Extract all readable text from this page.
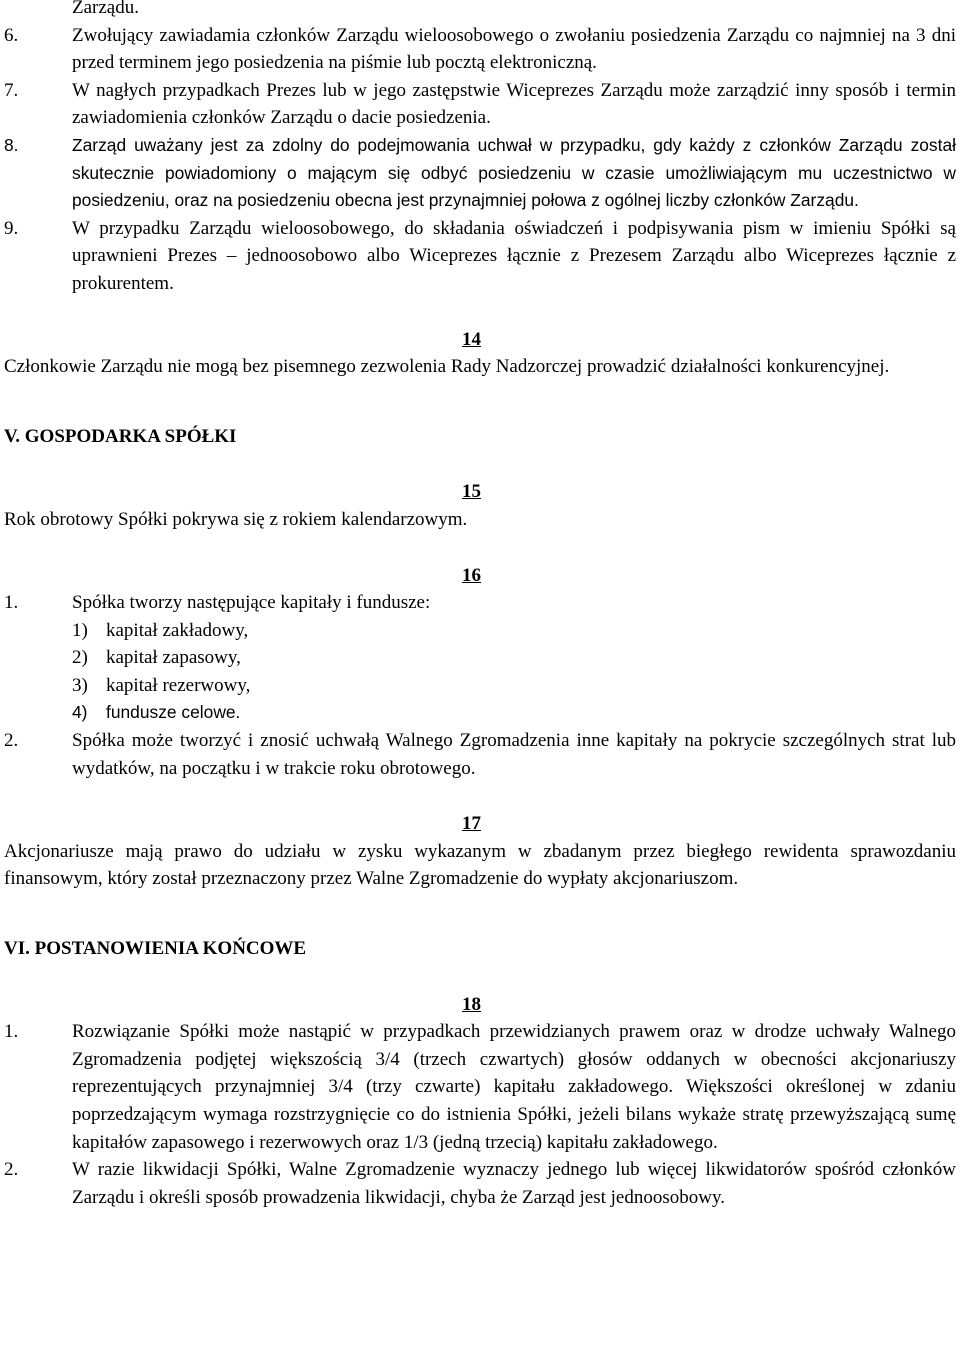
Zarządu.
6.	Zwołujący zawiadamia członków Zarządu wieloosobowego o zwołaniu posiedzenia Zarządu co najmniej na 3 dni przed terminem jego posiedzenia na piśmie lub pocztą elektroniczną.
7.	W nagłych przypadkach Prezes lub w jego zastępstwie Wiceprezes Zarządu może zarządzić inny sposób i termin zawiadomienia członków Zarządu o dacie posiedzenia.
8.	Zarząd uważany jest za zdolny do podejmowania uchwał w przypadku, gdy każdy z członków Zarządu został skutecznie powiadomiony o mającym się odbyć posiedzeniu w czasie umożliwiającym mu uczestnictwo w posiedzeniu, oraz na posiedzeniu obecna jest przynajmniej połowa z ogólnej liczby członków Zarządu.
9.	W przypadku Zarządu wieloosobowego, do składania oświadczeń i podpisywania pism w imieniu Spółki są uprawnieni Prezes – jednoosobowo albo Wiceprezes łącznie z Prezesem Zarządu albo Wiceprezes łącznie z prokurentem.
14
Członkowie Zarządu nie mogą bez pisemnego zezwolenia Rady Nadzorczej prowadzić działalności konkurencyjnej.
V. GOSPODARKA SPÓŁKI
15
Rok obrotowy Spółki pokrywa się z rokiem kalendarzowym.
16
1.	Spółka tworzy następujące kapitały i fundusze:
1) kapitał zakładowy,
2) kapitał zapasowy,
3) kapitał rezerwowy,
4) fundusze celowe.
2.	Spółka może tworzyć i znosić uchwałą Walnego Zgromadzenia inne kapitały na pokrycie szczególnych strat lub wydatków, na początku i w trakcie roku obrotowego.
17
Akcjonariusze mają prawo do udziału w zysku wykazanym w zbadanym przez biegłego rewidenta sprawozdaniu finansowym, który został przeznaczony przez Walne Zgromadzenie do wypłaty akcjonariuszom.
VI. POSTANOWIENIA KOŃCOWE
18
1.	Rozwiązanie Spółki może nastąpić w przypadkach przewidzianych prawem oraz w drodze uchwały Walnego Zgromadzenia podjętej większością 3/4 (trzech czwartych) głosów oddanych w obecności akcjonariuszy reprezentujących przynajmniej 3/4 (trzy czwarte) kapitału zakładowego. Większości określonej w zdaniu poprzedzającym wymaga rozstrzygnięcie co do istnienia Spółki, jeżeli bilans wykaże stratę przewyższającą sumę kapitałów zapasowego i rezerwowych oraz 1/3 (jedną trzecią) kapitału zakładowego.
2.	W razie likwidacji Spółki, Walne Zgromadzenie wyznaczy jednego lub więcej likwidatorów spośród członków Zarządu i określi sposób prowadzenia likwidacji, chyba że Zarząd jest jednoosobowy.
